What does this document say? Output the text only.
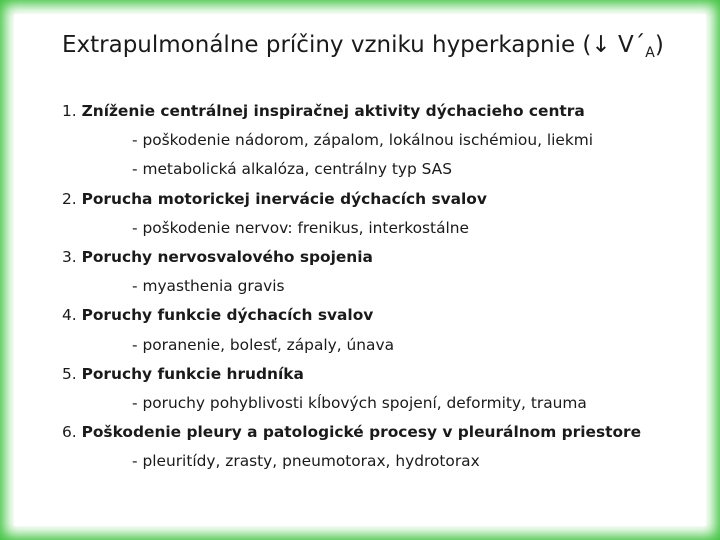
Extrapulmonálne príčiny vzniku hyperkapnie (↓ $V´_A$)
1. Zníženie centrálnej inspiračnej aktivity dýchacieho centra
- poškodenie nádorom, zápalom, lokálnou ischémiou, liekmi
- metabolická alkalóza, centrálny typ SAS
2. Porucha motorickej inervácie dýchacích svalov
- poškodenie nervov: frenikus, interkostálne
3. Poruchy nervosvalového spojenia
- myasthenia gravis
4. Poruchy funkcie dýchacích svalov
- poranenie, bolesť, zápaly, únava
5. Poruchy funkcie hrudníka
- poruchy pohyblivosti kĺbových spojení, deformity, trauma
6. Poškodenie pleury a patologické procesy v pleurálnom priestore
- pleuritídy, zrasty, pneumotorax, hydrotorax
